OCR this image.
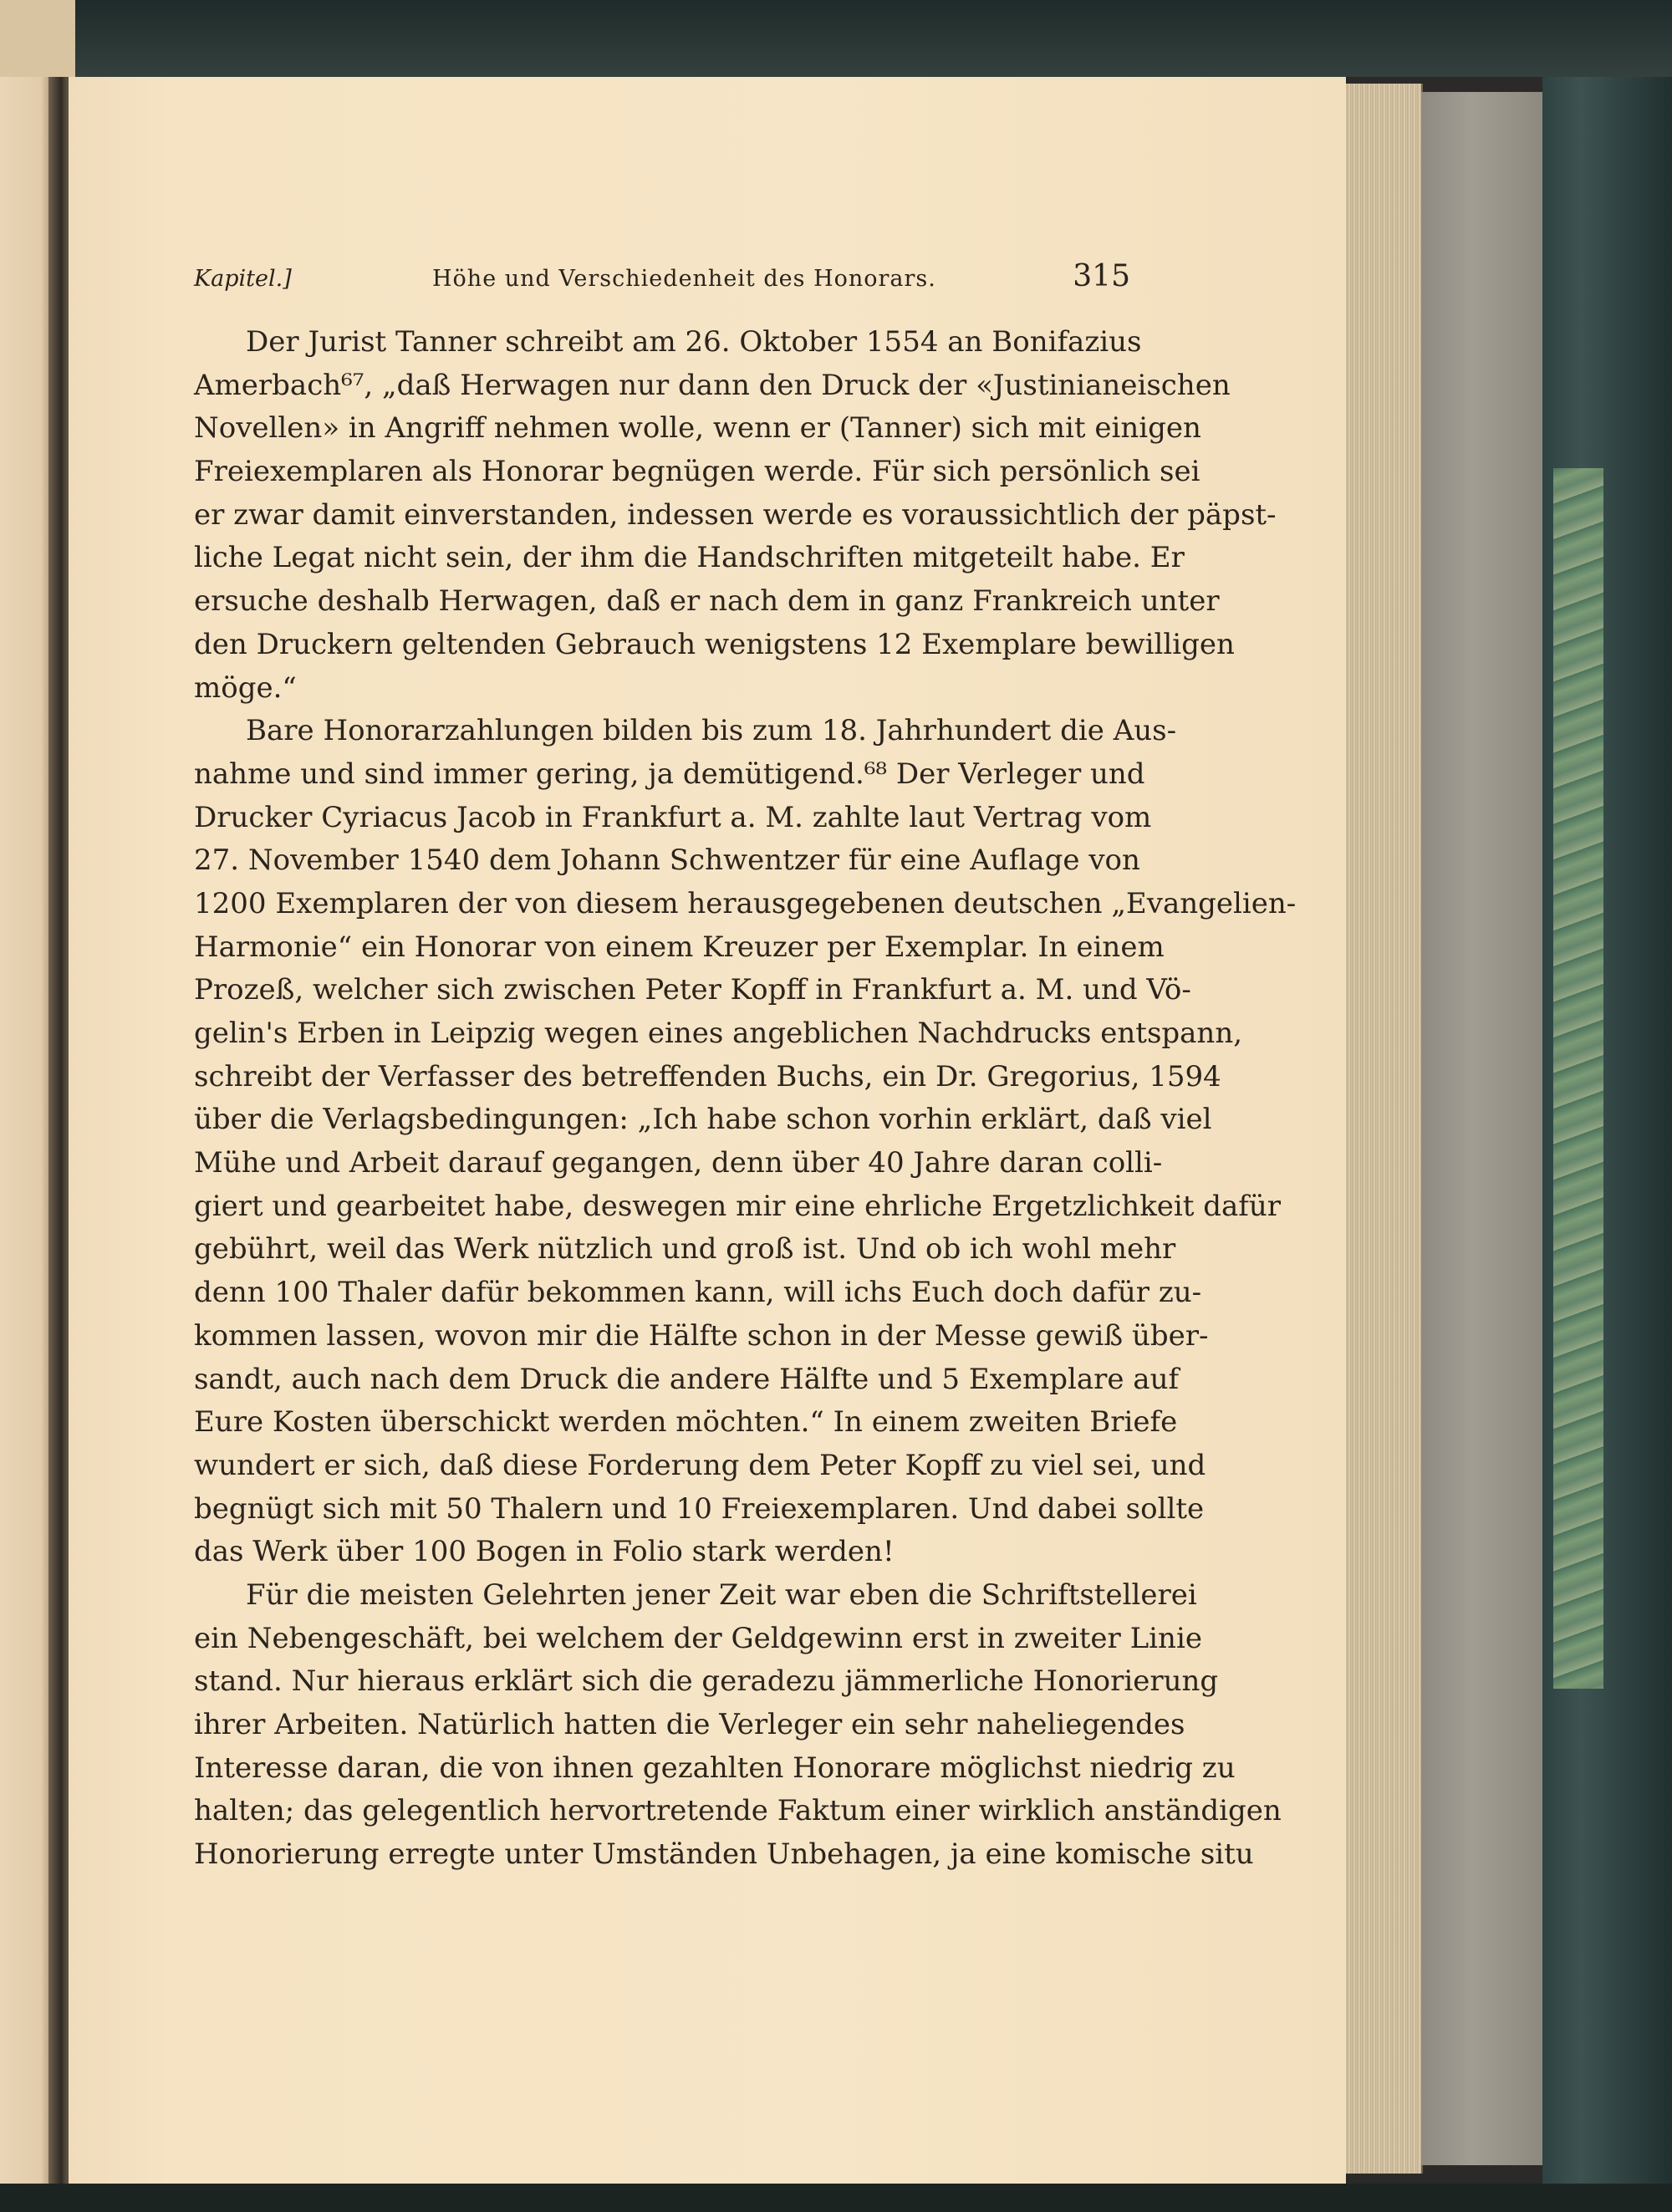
Kapitel.]	Höhe und Verschiedenheit des Honorars.	315
Der Jurist Tanner schreibt am 26. Oktober 1554 an Bonifazius
Amerbach⁶⁷, „daß Herwagen nur dann den Druck der «Justinianeischen
Novellen» in Angriff nehmen wolle, wenn er (Tanner) sich mit einigen
Freiexemplaren als Honorar begnügen werde. Für sich persönlich sei
er zwar damit einverstanden, indessen werde es voraussichtlich der päpst-
liche Legat nicht sein, der ihm die Handschriften mitgeteilt habe. Er
ersuche deshalb Herwagen, daß er nach dem in ganz Frankreich unter
den Druckern geltenden Gebrauch wenigstens 12 Exemplare bewilligen
möge.“
Bare Honorarzahlungen bilden bis zum 18. Jahrhundert die Aus-
nahme und sind immer gering, ja demütigend.⁶⁸ Der Verleger und
Drucker Cyriacus Jacob in Frankfurt a. M. zahlte laut Vertrag vom
27. November 1540 dem Johann Schwentzer für eine Auflage von
1200 Exemplaren der von diesem herausgegebenen deutschen „Evangelien-
Harmonie“ ein Honorar von einem Kreuzer per Exemplar. In einem
Prozeß, welcher sich zwischen Peter Kopff in Frankfurt a. M. und Vö-
gelin's Erben in Leipzig wegen eines angeblichen Nachdrucks entspann,
schreibt der Verfasser des betreffenden Buchs, ein Dr. Gregorius, 1594
über die Verlagsbedingungen: „Ich habe schon vorhin erklärt, daß viel
Mühe und Arbeit darauf gegangen, denn über 40 Jahre daran colli-
giert und gearbeitet habe, deswegen mir eine ehrliche Ergetzlichkeit dafür
gebührt, weil das Werk nützlich und groß ist. Und ob ich wohl mehr
denn 100 Thaler dafür bekommen kann, will ichs Euch doch dafür zu-
kommen lassen, wovon mir die Hälfte schon in der Messe gewiß über-
sandt, auch nach dem Druck die andere Hälfte und 5 Exemplare auf
Eure Kosten überschickt werden möchten.“ In einem zweiten Briefe
wundert er sich, daß diese Forderung dem Peter Kopff zu viel sei, und
begnügt sich mit 50 Thalern und 10 Freiexemplaren. Und dabei sollte
das Werk über 100 Bogen in Folio stark werden!
Für die meisten Gelehrten jener Zeit war eben die Schriftstellerei
ein Nebengeschäft, bei welchem der Geldgewinn erst in zweiter Linie
stand. Nur hieraus erklärt sich die geradezu jämmerliche Honorierung
ihrer Arbeiten. Natürlich hatten die Verleger ein sehr naheliegendes
Interesse daran, die von ihnen gezahlten Honorare möglichst niedrig zu
halten; das gelegentlich hervortretende Faktum einer wirklich anständigen
Honorierung erregte unter Umständen Unbehagen, ja eine komische situ
